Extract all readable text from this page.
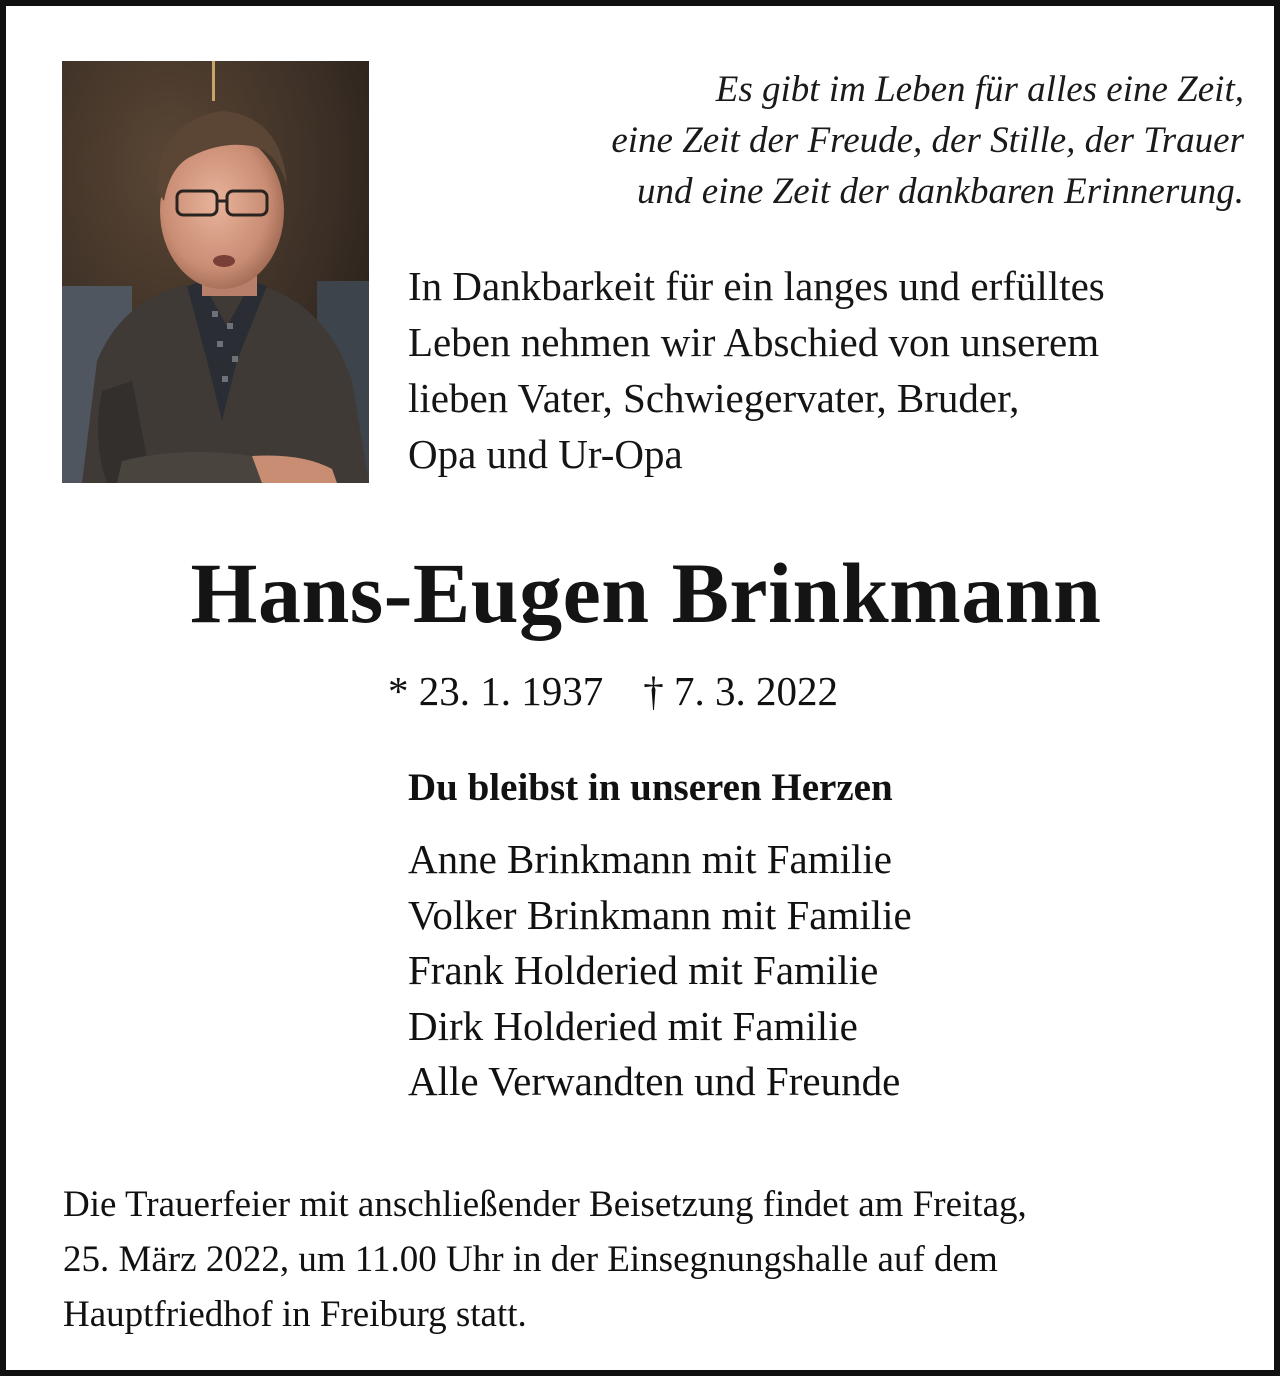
Es gibt im Leben für alles eine Zeit,
eine Zeit der Freude, der Stille, der Trauer
und eine Zeit der dankbaren Erinnerung.
In Dankbarkeit für ein langes und erfülltes
Leben nehmen wir Abschied von unserem
lieben Vater, Schwiegervater, Bruder,
Opa und Ur-Opa
Hans-Eugen Brinkmann
* 23. 1. 1937 † 7. 3. 2022
Du bleibst in unseren Herzen
Anne Brinkmann mit Familie
Volker Brinkmann mit Familie
Frank Holderied mit Familie
Dirk Holderied mit Familie
Alle Verwandten und Freunde
Die Trauerfeier mit anschließender Beisetzung findet am Freitag,
25. März 2022, um 11.00 Uhr in der Einsegnungshalle auf dem
Hauptfriedhof in Freiburg statt.
